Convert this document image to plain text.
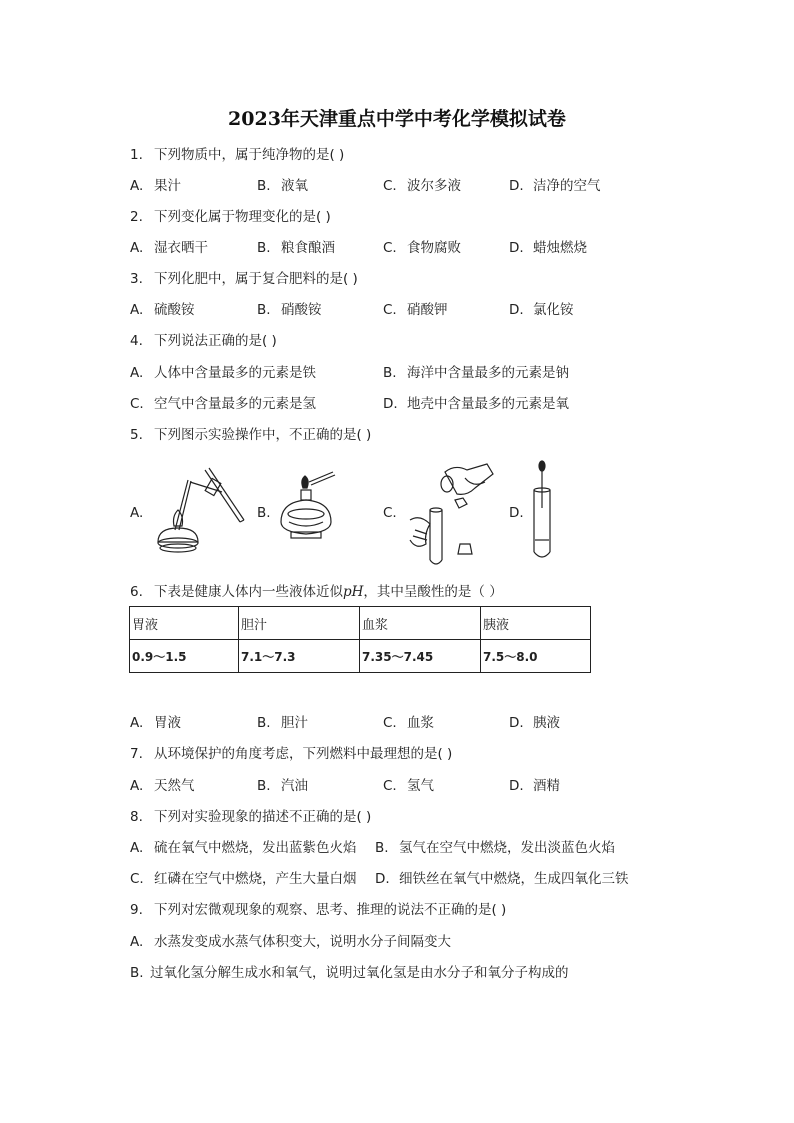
2023年天津重点中学中考化学模拟试卷
1. 下列物质中，属于纯净物的是( )
A. 果汁	B. 液氧	C. 波尔多液	D. 洁净的空气
2. 下列变化属于物理变化的是( )
A. 湿衣晒干	B. 粮食酿酒	C. 食物腐败	D. 蜡烛燃烧
3. 下列化肥中，属于复合肥料的是( )
A. 硫酸铵	B. 硝酸铵	C. 硝酸钾	D. 氯化铵
4. 下列说法正确的是( )
A. 人体中含量最多的元素是铁	B. 海洋中含量最多的元素是钠
C. 空气中含量最多的元素是氢	D. 地壳中含量最多的元素是氧
5. 下列图示实验操作中，不正确的是( )
A.	B.	C.	D.
6. 下表是健康人体内一些液体近似pH，其中呈酸性的是（ ）
胃液	胆汁	血浆	胰液
0.9～1.5	7.1～7.3	7.35～7.45	7.5～8.0
A. 胃液	B. 胆汁	C. 血浆	D. 胰液
7. 从环境保护的角度考虑，下列燃料中最理想的是( )
A. 天然气	B. 汽油	C. 氢气	D. 酒精
8. 下列对实验现象的描述不正确的是( )
A. 硫在氧气中燃烧，发出蓝紫色火焰 B. 氢气在空气中燃烧，发出淡蓝色火焰
C. 红磷在空气中燃烧，产生大量白烟 D. 细铁丝在氧气中燃烧，生成四氧化三铁
9. 下列对宏微观现象的观察、思考、推理的说法不正确的是( )
A. 水蒸发变成水蒸气体积变大，说明水分子间隔变大
B. 过氧化氢分解生成水和氧气，说明过氧化氢是由水分子和氧分子构成的
